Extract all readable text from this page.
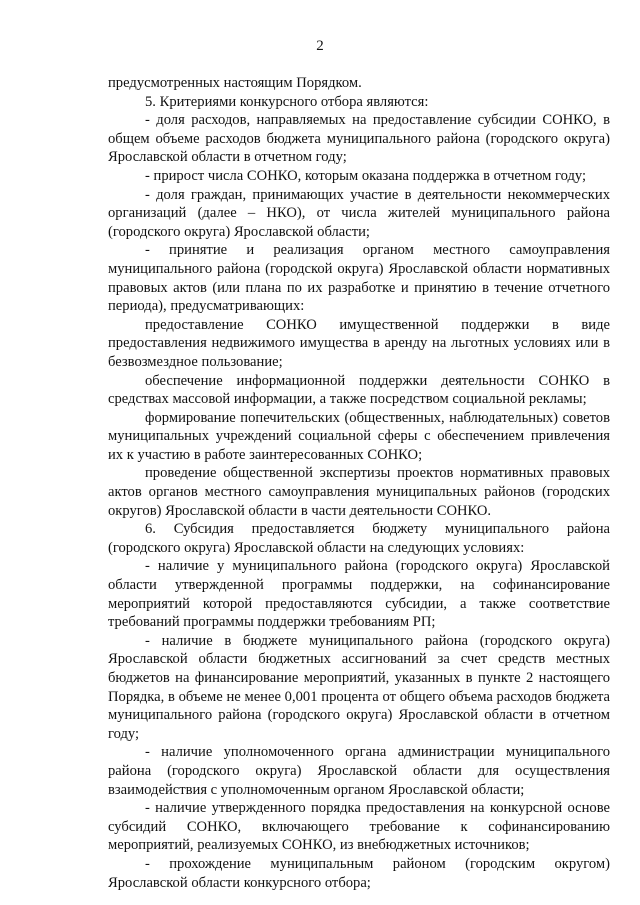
2

предусмотренных настоящим Порядком.

5. Критериями конкурсного отбора являются:

- доля расходов, направляемых на предоставление субсидии СОНКО, в общем объеме расходов бюджета муниципального района (городского округа) Ярославской области в отчетном году;

- прирост числа СОНКО, которым оказана поддержка в отчетном году;

- доля граждан, принимающих участие в деятельности некоммерческих организаций (далее – НКО), от числа жителей муниципального района (городского округа) Ярославской области;

- принятие и реализация органом местного самоуправления муниципального района (городской округа) Ярославской области нормативных правовых актов (или плана по их разработке и принятию в течение отчетного периода), предусматривающих:

предоставление СОНКО имущественной поддержки в виде предоставления недвижимого имущества в аренду на льготных условиях или в безвозмездное пользование;

обеспечение информационной поддержки деятельности СОНКО в средствах массовой информации, а также посредством социальной рекламы;

формирование попечительских (общественных, наблюдательных) советов муниципальных учреждений социальной сферы с обеспечением привлечения их к участию в работе заинтересованных СОНКО;

проведение общественной экспертизы проектов нормативных правовых актов органов местного самоуправления муниципальных районов (городских округов) Ярославской области в части деятельности СОНКО.

6. Субсидия предоставляется бюджету муниципального района (городского округа) Ярославской области на следующих условиях:

- наличие у муниципального района (городского округа) Ярославской области утвержденной программы поддержки, на софинансирование мероприятий которой предоставляются субсидии, а также соответствие требований программы поддержки требованиям РП;

- наличие в бюджете муниципального района (городского округа) Ярославской области бюджетных ассигнований за счет средств местных бюджетов на финансирование мероприятий, указанных в пункте 2 настоящего Порядка, в объеме не менее 0,001 процента от общего объема расходов бюджета муниципального района (городского округа) Ярославской области в отчетном году;

- наличие уполномоченного органа администрации муниципального района (городского округа) Ярославской области для осуществления взаимодействия с уполномоченным органом Ярославской области;

- наличие утвержденного порядка предоставления на конкурсной основе субсидий СОНКО, включающего требование к софинансированию мероприятий, реализуемых СОНКО, из внебюджетных источников;

- прохождение муниципальным районом (городским округом) Ярославской области конкурсного отбора;
